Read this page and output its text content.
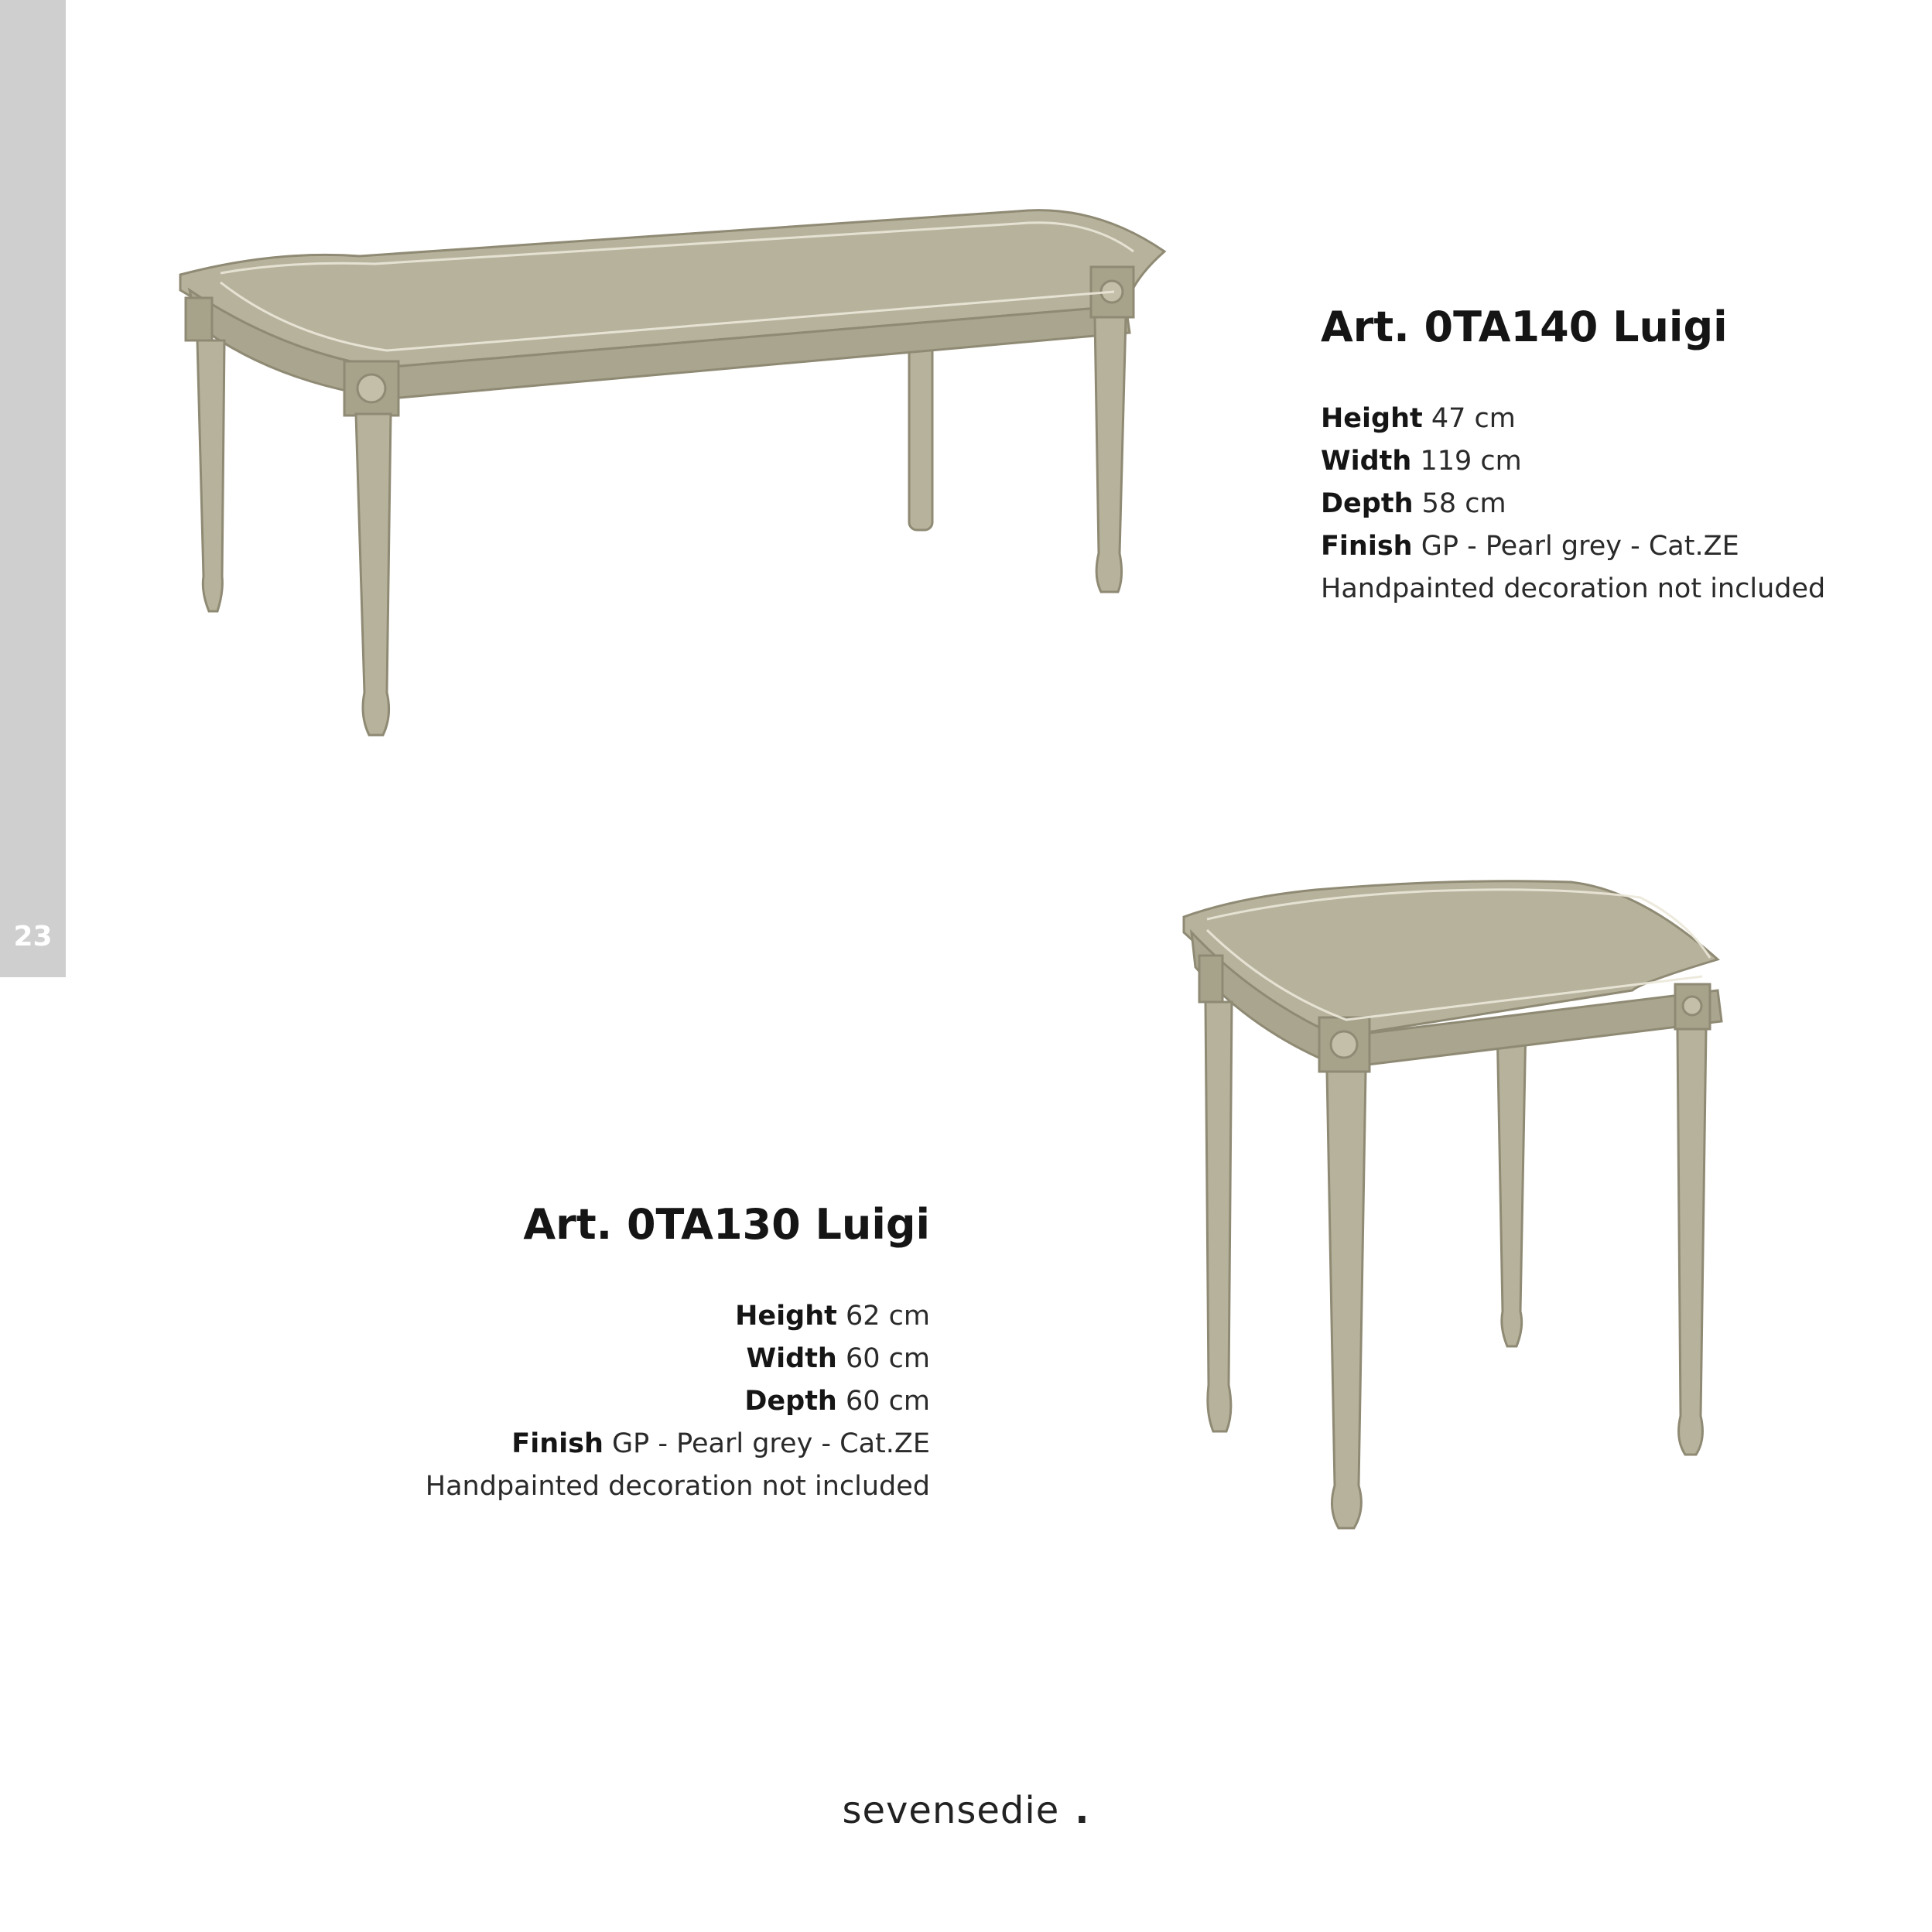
23
Art. 0TA140 Luigi
Height 47 cm
Width 119 cm
Depth 58 cm
Finish GP - Pearl grey - Cat.ZE
Handpainted decoration not included
Art. 0TA130 Luigi
Height 62 cm
Width 60 cm
Depth 60 cm
Finish GP - Pearl grey - Cat.ZE
Handpainted decoration not included
sevensedie .
